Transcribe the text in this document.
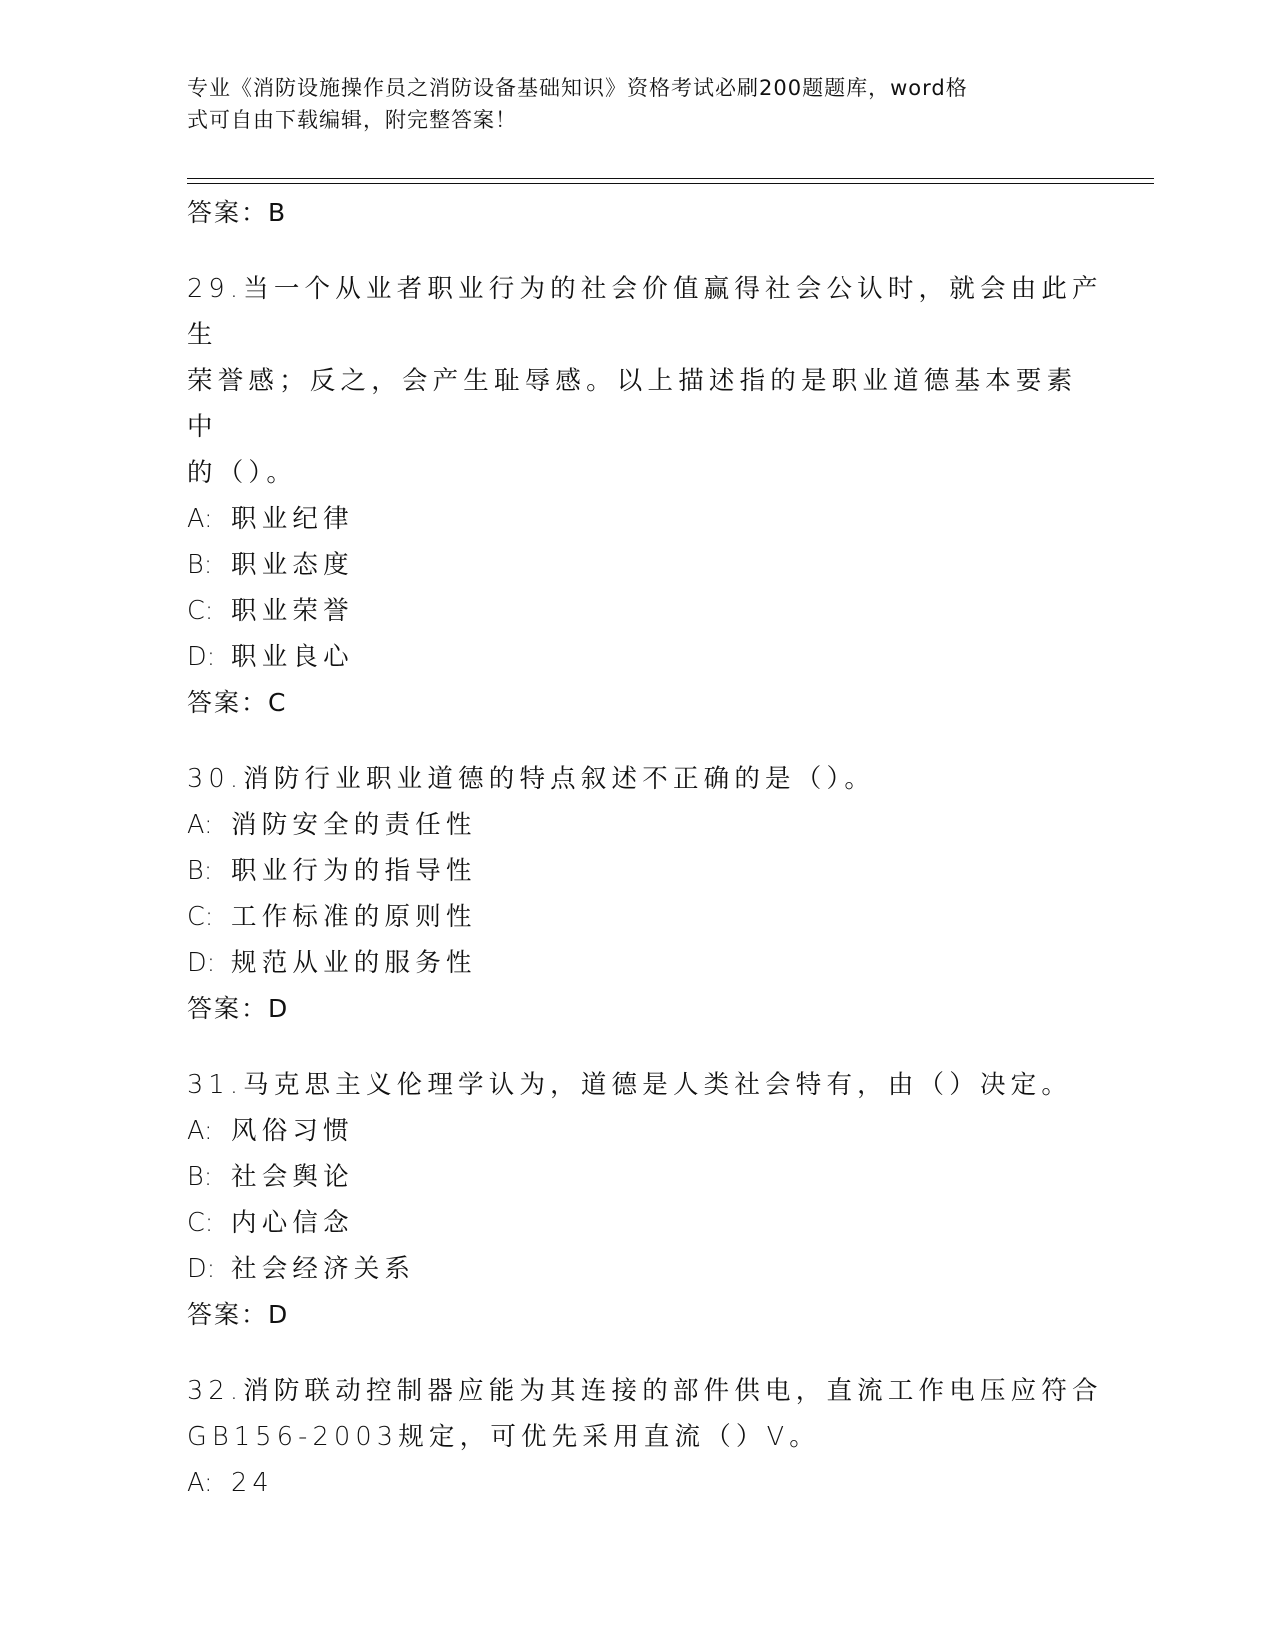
专业《消防设施操作员之消防设备基础知识》资格考试必刷200题题库，word格
式可自由下载编辑，附完整答案！
答案：B
29.当一个从业者职业行为的社会价值赢得社会公认时，就会由此产生
荣誉感；反之，会产生耻辱感。以上描述指的是职业道德基本要素中
的（）。
A: 职业纪律
B: 职业态度
C: 职业荣誉
D: 职业良心
答案：C
30.消防行业职业道德的特点叙述不正确的是（）。
A: 消防安全的责任性
B: 职业行为的指导性
C: 工作标准的原则性
D: 规范从业的服务性
答案：D
31.马克思主义伦理学认为，道德是人类社会特有，由（）决定。
A: 风俗习惯
B: 社会舆论
C: 内心信念
D: 社会经济关系
答案：D
32.消防联动控制器应能为其连接的部件供电，直流工作电压应符合
GB156-2003规定，可优先采用直流（）V。
A: 24
